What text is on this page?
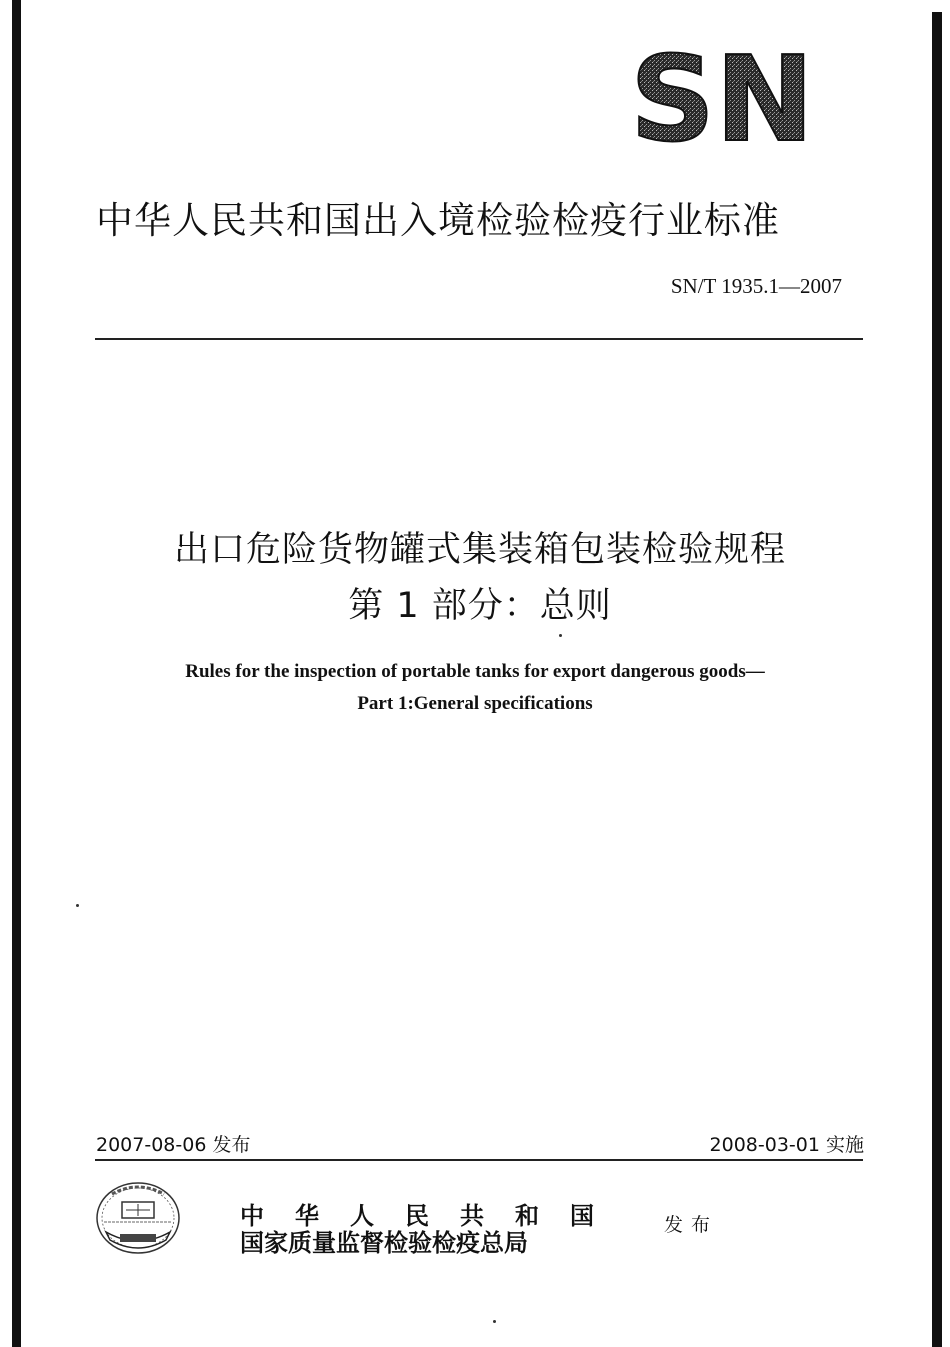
SN
中华人民共和国出入境检验检疫行业标准
SN/T 1935.1—2007
出口危险货物罐式集装箱包装检验规程
第 1 部分：总则
Rules for the inspection of portable tanks for export dangerous goods—
Part 1:General specifications
2007-08-06 发布	2008-03-01 实施
中华人民共和国
国家质量监督检验检疫总局
发布
